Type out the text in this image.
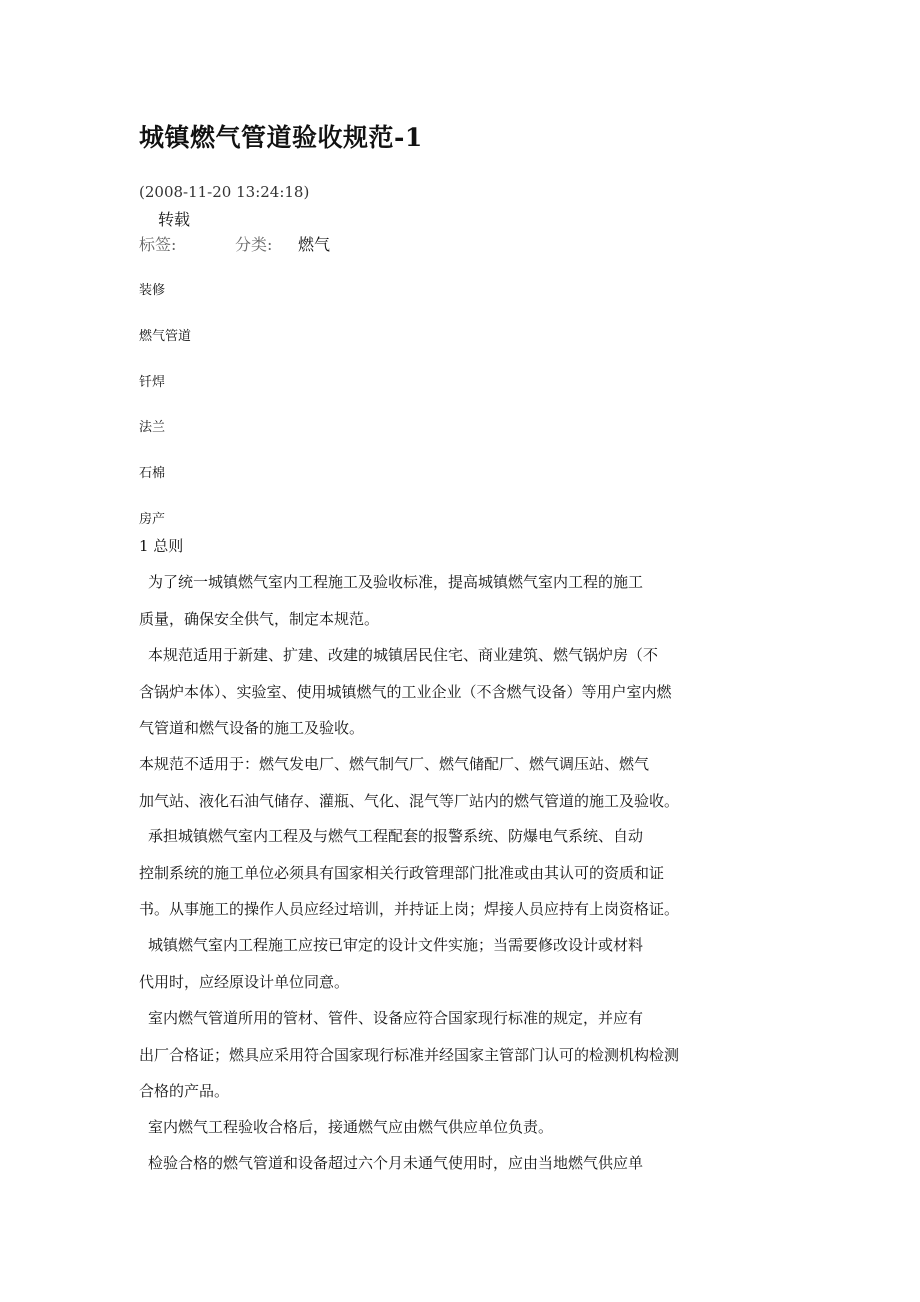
城镇燃气管道验收规范-1
(2008-11-20 13:24:18)
转载
标签:	分类: 燃气
装修
燃气管道
钎焊
法兰
石棉
房产
1 总则
为了统一城镇燃气室内工程施工及验收标准，提高城镇燃气室内工程的施工
质量，确保安全供气，制定本规范。
本规范适用于新建、扩建、改建的城镇居民住宅、商业建筑、燃气锅炉房（不
含锅炉本体）、实验室、使用城镇燃气的工业企业（不含燃气设备）等用户室内燃
气管道和燃气设备的施工及验收。
本规范不适用于：燃气发电厂、燃气制气厂、燃气储配厂、燃气调压站、燃气
加气站、液化石油气储存、灌瓶、气化、混气等厂站内的燃气管道的施工及验收。
承担城镇燃气室内工程及与燃气工程配套的报警系统、防爆电气系统、自动
控制系统的施工单位必须具有国家相关行政管理部门批准或由其认可的资质和证
书。从事施工的操作人员应经过培训，并持证上岗；焊接人员应持有上岗资格证。
城镇燃气室内工程施工应按已审定的设计文件实施；当需要修改设计或材料
代用时，应经原设计单位同意。
室内燃气管道所用的管材、管件、设备应符合国家现行标准的规定，并应有
出厂合格证；燃具应采用符合国家现行标准并经国家主管部门认可的检测机构检测
合格的产品。
室内燃气工程验收合格后，接通燃气应由燃气供应单位负责。
检验合格的燃气管道和设备超过六个月未通气使用时，应由当地燃气供应单
